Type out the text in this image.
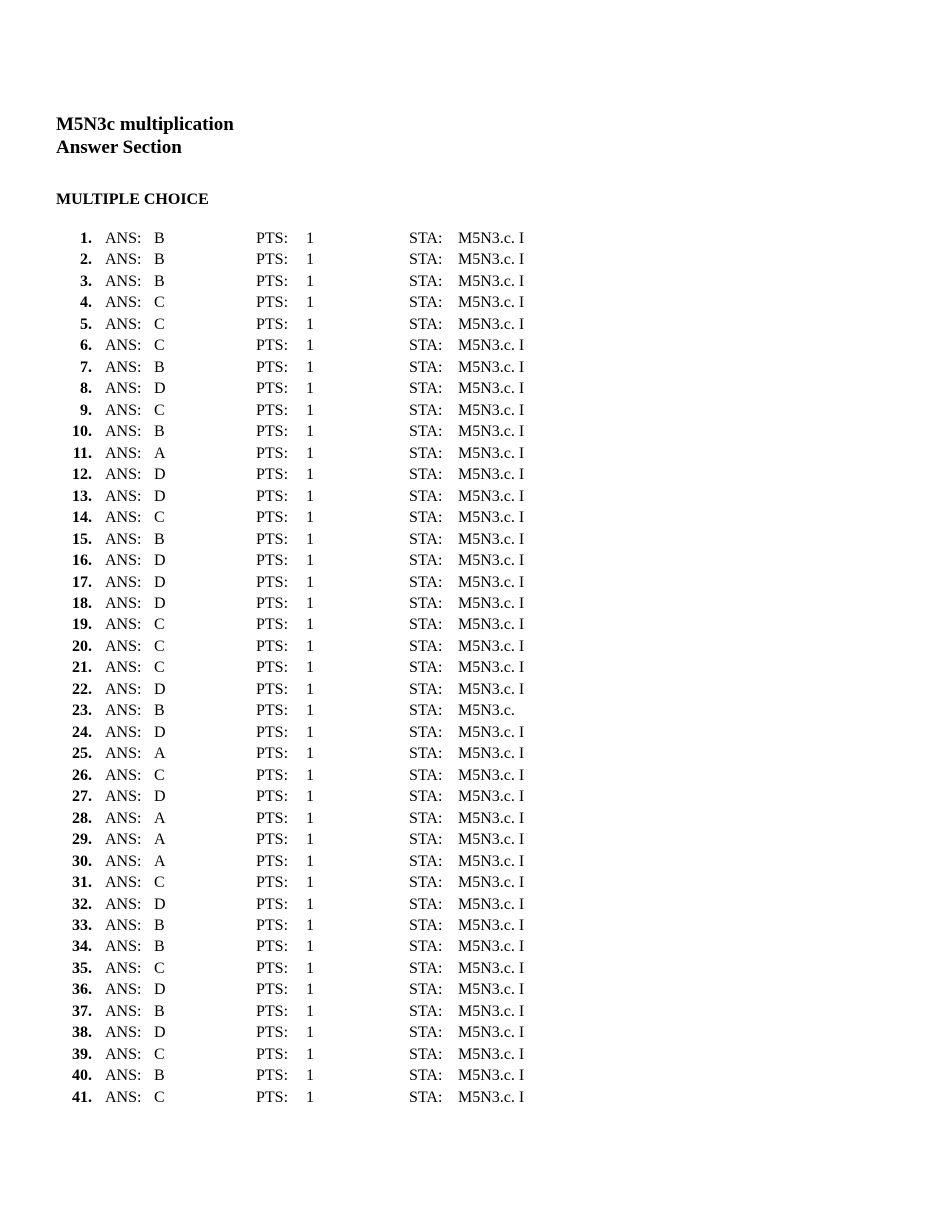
M5N3c multiplication
Answer Section
MULTIPLE CHOICE
1. ANS: B	PTS: 1	STA: M5N3.c. I
2. ANS: B	PTS: 1	STA: M5N3.c. I
3. ANS: B	PTS: 1	STA: M5N3.c. I
4. ANS: C	PTS: 1	STA: M5N3.c. I
5. ANS: C	PTS: 1	STA: M5N3.c. I
6. ANS: C	PTS: 1	STA: M5N3.c. I
7. ANS: B	PTS: 1	STA: M5N3.c. I
8. ANS: D	PTS: 1	STA: M5N3.c. I
9. ANS: C	PTS: 1	STA: M5N3.c. I
10. ANS: B	PTS: 1	STA: M5N3.c. I
11. ANS: A	PTS: 1	STA: M5N3.c. I
12. ANS: D	PTS: 1	STA: M5N3.c. I
13. ANS: D	PTS: 1	STA: M5N3.c. I
14. ANS: C	PTS: 1	STA: M5N3.c. I
15. ANS: B	PTS: 1	STA: M5N3.c. I
16. ANS: D	PTS: 1	STA: M5N3.c. I
17. ANS: D	PTS: 1	STA: M5N3.c. I
18. ANS: D	PTS: 1	STA: M5N3.c. I
19. ANS: C	PTS: 1	STA: M5N3.c. I
20. ANS: C	PTS: 1	STA: M5N3.c. I
21. ANS: C	PTS: 1	STA: M5N3.c. I
22. ANS: D	PTS: 1	STA: M5N3.c. I
23. ANS: B	PTS: 1	STA: M5N3.c.
24. ANS: D	PTS: 1	STA: M5N3.c. I
25. ANS: A	PTS: 1	STA: M5N3.c. I
26. ANS: C	PTS: 1	STA: M5N3.c. I
27. ANS: D	PTS: 1	STA: M5N3.c. I
28. ANS: A	PTS: 1	STA: M5N3.c. I
29. ANS: A	PTS: 1	STA: M5N3.c. I
30. ANS: A	PTS: 1	STA: M5N3.c. I
31. ANS: C	PTS: 1	STA: M5N3.c. I
32. ANS: D	PTS: 1	STA: M5N3.c. I
33. ANS: B	PTS: 1	STA: M5N3.c. I
34. ANS: B	PTS: 1	STA: M5N3.c. I
35. ANS: C	PTS: 1	STA: M5N3.c. I
36. ANS: D	PTS: 1	STA: M5N3.c. I
37. ANS: B	PTS: 1	STA: M5N3.c. I
38. ANS: D	PTS: 1	STA: M5N3.c. I
39. ANS: C	PTS: 1	STA: M5N3.c. I
40. ANS: B	PTS: 1	STA: M5N3.c. I
41. ANS: C	PTS: 1	STA: M5N3.c. I
